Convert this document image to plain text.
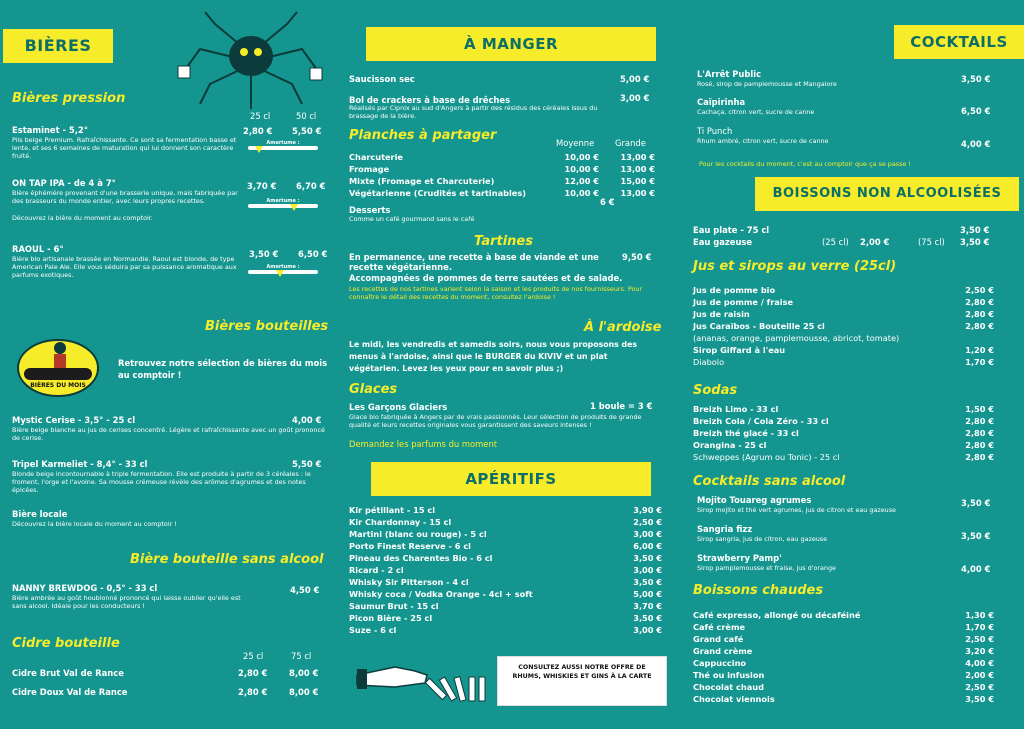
BIÈRES
Bières pression
25 cl	50 cl
Estaminet - 5,2°
Pils beige Premium. Rafraîchissante. Ce sont sa fermentation basse et lente, et ses 6 semaines de maturation qui lui donnent son caractère fruité.
2,80 € 5,50 €
Amertume :
ON TAP IPA - de 4 à 7°
Bière éphémère provenant d'une brasserie unique, mais fabriquée par des brasseurs du monde entier, avec leurs propres recettes.
Découvrez la bière du moment au comptoir.
3,70 € 6,70 €
Amertume :
RAOUL - 6°
Bière bio artisanale brassée en Normandie. Raoul est blonde, de type American Pale Ale. Elle vous séduira par sa puissance aromatique aux parfums exotiques.
3,50 € 6,50 €
Amertume :
Bières bouteilles
BIÈRES DU MOIS
Retrouvez notre sélection de bières du mois au comptoir !
Mystic Cerise - 3,5° - 25 cl
Bière beige blanche au jus de cerises concentré. Légère et rafraîchissante avec un goût prononcé de cerise.
4,00 €
Tripel Karmeliet - 8,4° - 33 cl
Blonde beige incontournable à triple fermentation. Elle est produite à partir de 3 céréales : le froment, l'orge et l'avoine. Sa mousse crémeuse révèle des arômes d'agrumes et des notes épicées.
5,50 €
Bière locale
Découvrez la bière locale du moment au comptoir !
Bière bouteille sans alcool
NANNY BREWDOG - 0,5° - 33 cl
Bière ambrée au goût houblonné prononcé qui laisse oublier qu'elle est sans alcool. Idéale pour les conducteurs !
4,50 €
Cidre bouteille
25 cl	75 cl
Cidre Brut Val de Rance	2,80 €	8,00 €
Cidre Doux Val de Rance	2,80 €	8,00 €
À MANGER
Saucisson sec	5,00 €
Bol de crackers à base de drêches
Réalisés par Cipnix au sud d'Angers à partir des résidus des céréales issus du brassage de la bière.
3,00 €
Planches à partager	Moyenne Grande
Charcuterie	10,00 €	13,00 €
Fromage	10,00 €	13,00 €
Mixte (Fromage et Charcuterie)	12,00 €	15,00 €
Végétarienne (Crudités et tartinables)	10,00 €	13,00 €
Desserts
6 €
Comme un café gourmand sans le café
Tartines
En permanence, une recette à base de viande et une recette végétarienne.
9,50 €
Accompagnées de pommes de terre sautées et de salade.
Les recettes de nos tartines varient selon la saison et les produits de nos fournisseurs. Pour connaître le détail des recettes du moment, consultez l'ardoise !
À l'ardoise
Le midi, les vendredis et samedis soirs, nous vous proposons des menus à l'ardoise, ainsi que le BURGER du KIVIV et un plat végétarien. Levez les yeux pour en savoir plus ;)
Glaces
Les Garçons Glaciers	1 boule = 3 €
Glace bio fabriquée à Angers par de vrais passionnés. Leur sélection de produits de grande qualité et leurs recettes originales vous garantissent des saveurs intenses !
Demandez les parfums du moment
APÉRITIFS
Kir pétillant - 15 cl	3,90 €
Kir Chardonnay - 15 cl	2,50 €
Martini (blanc ou rouge) - 5 cl	3,00 €
Porto Finest Reserve - 6 cl	6,00 €
Pineau des Charentes Bio - 6 cl	3,50 €
Ricard - 2 cl	3,00 €
Whisky Sir Pitterson - 4 cl	3,50 €
Whisky coca / Vodka Orange - 4cl + soft	5,00 €
Saumur Brut - 15 cl	3,70 €
Picon Bière - 25 cl	3,50 €
Suze - 6 cl	3,00 €
CONSULTEZ AUSSI NOTRE OFFRE DE RHUMS, WHISKIES ET GINS À LA CARTE
COCKTAILS
L'Arrêt Public
Rosé, sirop de pamplemousse et Mangalore	3,50 €
Caïpirinha
Cachaça, citron vert, sucre de canne	6,50 €
Ti Punch
Rhum ambré, citron vert, sucre de canne	4,00 €
Pour les cocktails du moment, c'est au comptoir que ça se passe !
BOISSONS NON ALCOOLISÉES
Eau plate - 75 cl	3,50 €
Eau gazeuse	(25 cl) 2,00 €	(75 cl) 3,50 €
Jus et sirops au verre (25cl)
Jus de pomme bio	2,50 €
Jus de pomme / fraise	2,80 €
Jus de raisin	2,80 €
Jus Caraïbos - Bouteille 25 cl	2,80 €
(ananas, orange, pamplemousse, abricot, tomate)
Sirop Giffard à l'eau	1,20 €
Diabolo	1,70 €
Sodas
Breizh Limo - 33 cl	1,50 €
Breizh Cola / Cola Zéro - 33 cl	2,80 €
Breizh thé glacé - 33 cl	2,80 €
Orangina - 25 cl	2,80 €
Schweppes (Agrum ou Tonic) - 25 cl	2,80 €
Cocktails sans alcool
Mojito Touareg agrumes
Sirop mojito et thé vert agrumes, jus de citron et eau gazeuse
3,50 €
Sangria fizz
Sirop sangria, jus de citron, eau gazeuse	3,50 €
Strawberry Pamp'
Sirop pamplemousse et fraise, jus d'orange	4,00 €
Boissons chaudes
Café expresso, allongé ou décaféiné	1,30 €
Café crème	1,70 €
Grand café	2,50 €
Grand crème	3,20 €
Cappuccino	4,00 €
Thé ou infusion	2,00 €
Chocolat chaud	2,50 €
Chocolat viennois	3,50 €
